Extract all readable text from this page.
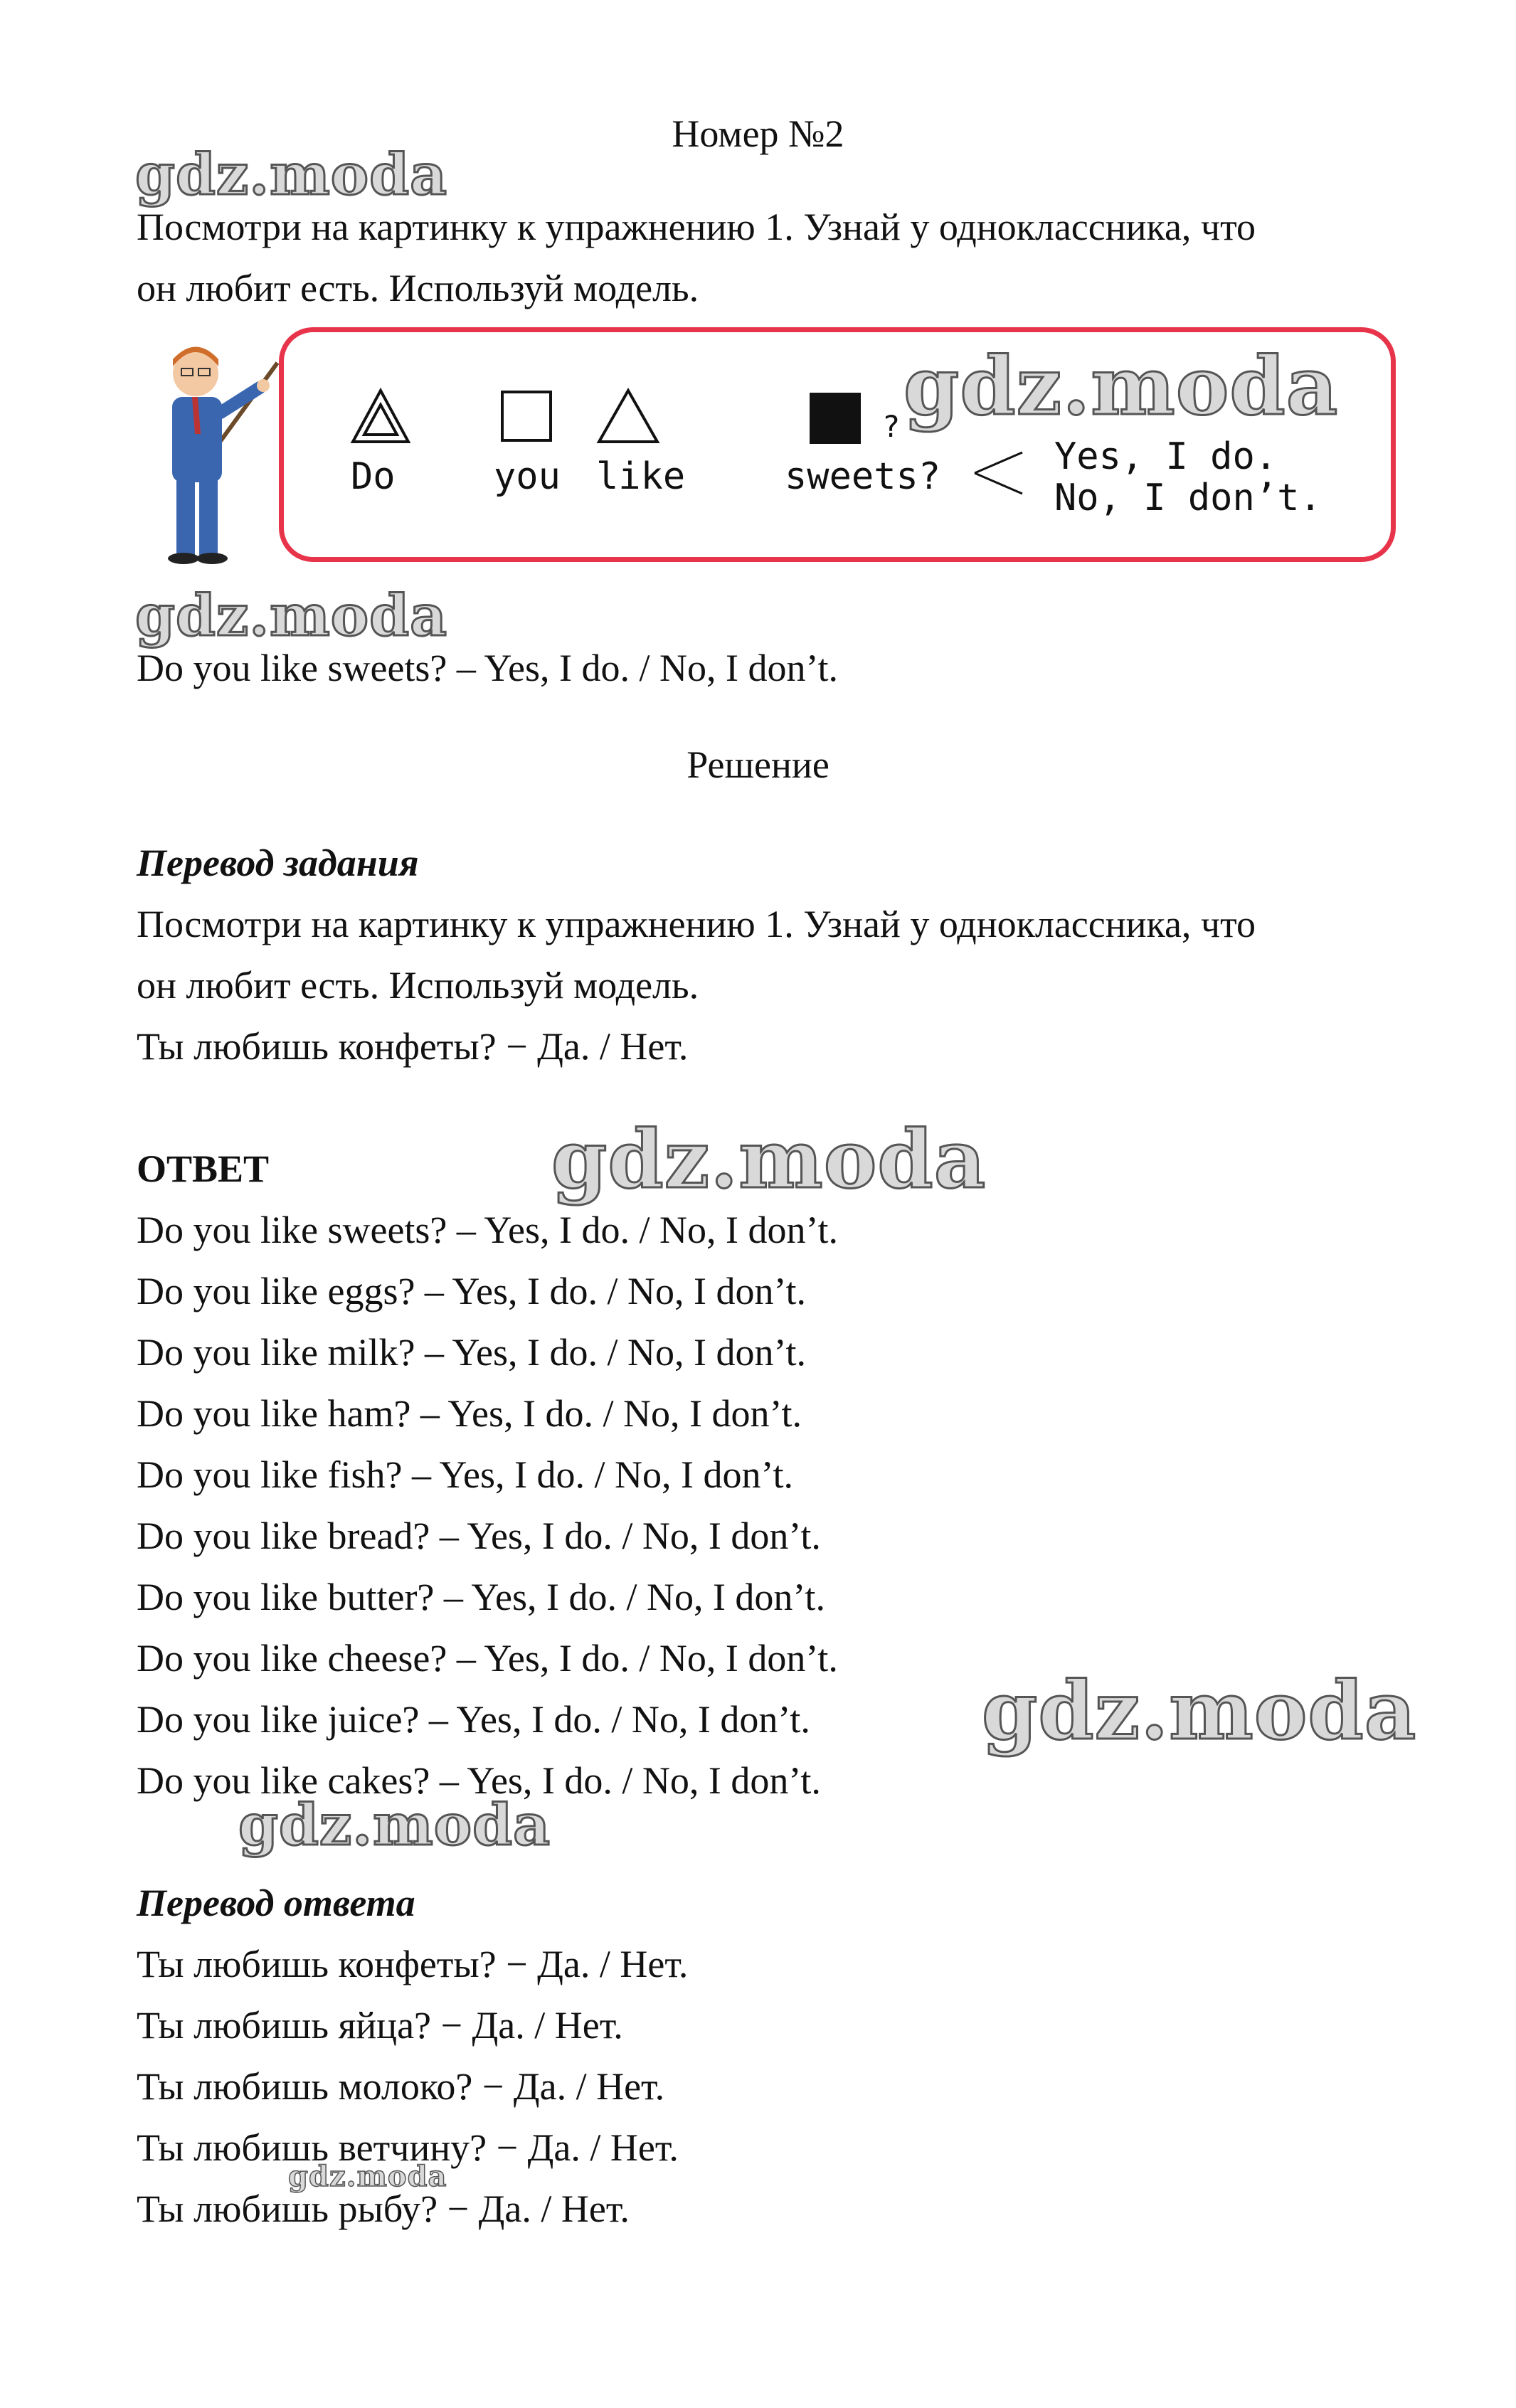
Номер №2
Посмотри на картинку к упражнению 1. Узнай у одноклассника, что
он любит есть. Используй модель.
Do	you like	sweets?
?
Yes, I do.
No, I don’t.
Do you like sweets? – Yes, I do. / No, I don’t.
Решение
Перевод задания
Посмотри на картинку к упражнению 1. Узнай у одноклассника, что
он любит есть. Используй модель.
Ты любишь конфеты? − Да. / Нет.
ОТВЕТ
Do you like sweets? – Yes, I do. / No, I don’t.
Do you like eggs? – Yes, I do. / No, I don’t.
Do you like milk? – Yes, I do. / No, I don’t.
Do you like ham? – Yes, I do. / No, I don’t.
Do you like fish? – Yes, I do. / No, I don’t.
Do you like bread? – Yes, I do. / No, I don’t.
Do you like butter? – Yes, I do. / No, I don’t.
Do you like cheese? – Yes, I do. / No, I don’t.
Do you like juice? – Yes, I do. / No, I don’t.
Do you like cakes? – Yes, I do. / No, I don’t.
Перевод ответа
Ты любишь конфеты? − Да. / Нет.
Ты любишь яйца? − Да. / Нет.
Ты любишь молоко? − Да. / Нет.
Ты любишь ветчину? − Да. / Нет.
Ты любишь рыбу? − Да. / Нет.
gdz.moda
gdz.moda
gdz.moda
gdz.moda
gdz.moda
gdz.moda
gdz.moda
